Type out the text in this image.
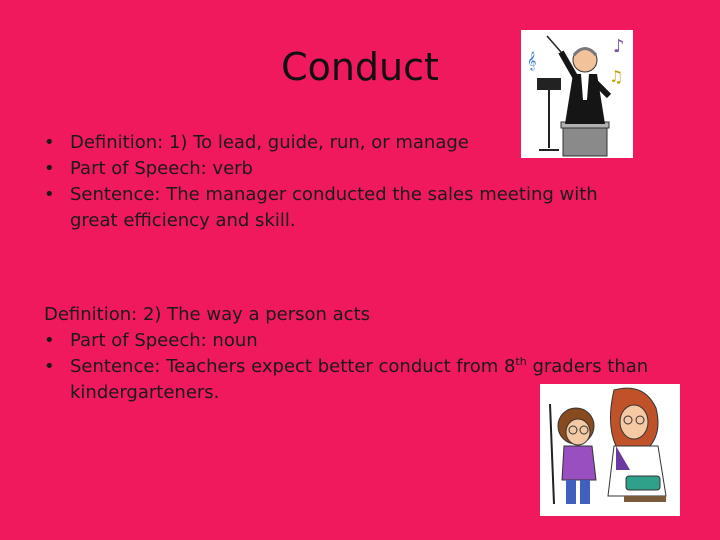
Conduct	♪
♫
𝄞
• Definition: 1) To lead, guide, run, or manage
• Part of Speech: verb
• Sentence: The manager conducted the sales meeting with great efficiency and skill.

Definition: 2) The way a person acts

• Part of Speech: noun
• Sentence: Teachers expect better conduct from 8th graders than kindergarteners.
